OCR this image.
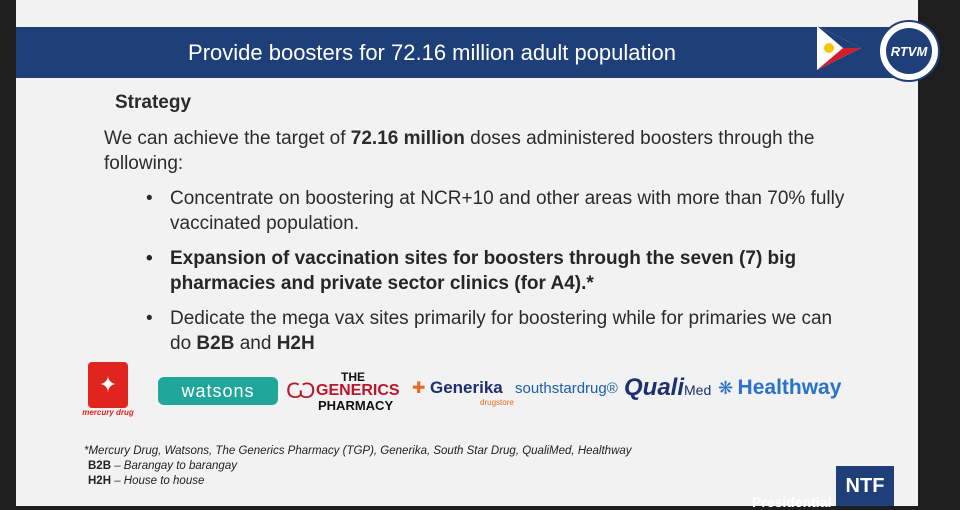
Provide boosters for 72.16 million adult population
Strategy
We can achieve the target of 72.16 million doses administered boosters through the following:
• Concentrate on boostering at NCR+10 and other areas with more than 70% fully vaccinated population.
• Expansion of vaccination sites for boosters through the seven (7) big pharmacies and private sector clinics (for A4).*
• Dedicate the mega vax sites primarily for boostering while for primaries we can do B2B and H2H
✦
mercury drug
watsons	Ѡ
THE
GENERICS
PHARMACY
✚ Generika
drugstore
southstardrug® QualiMed ❋ Healthway
*Mercury Drug, Watsons, The Generics Pharmacy (TGP), Generika, South Star Drug, QualiMed, Healthway
B2B – Barangay to barangay
H2H – House to house	NTF
RTVM
Presidential
